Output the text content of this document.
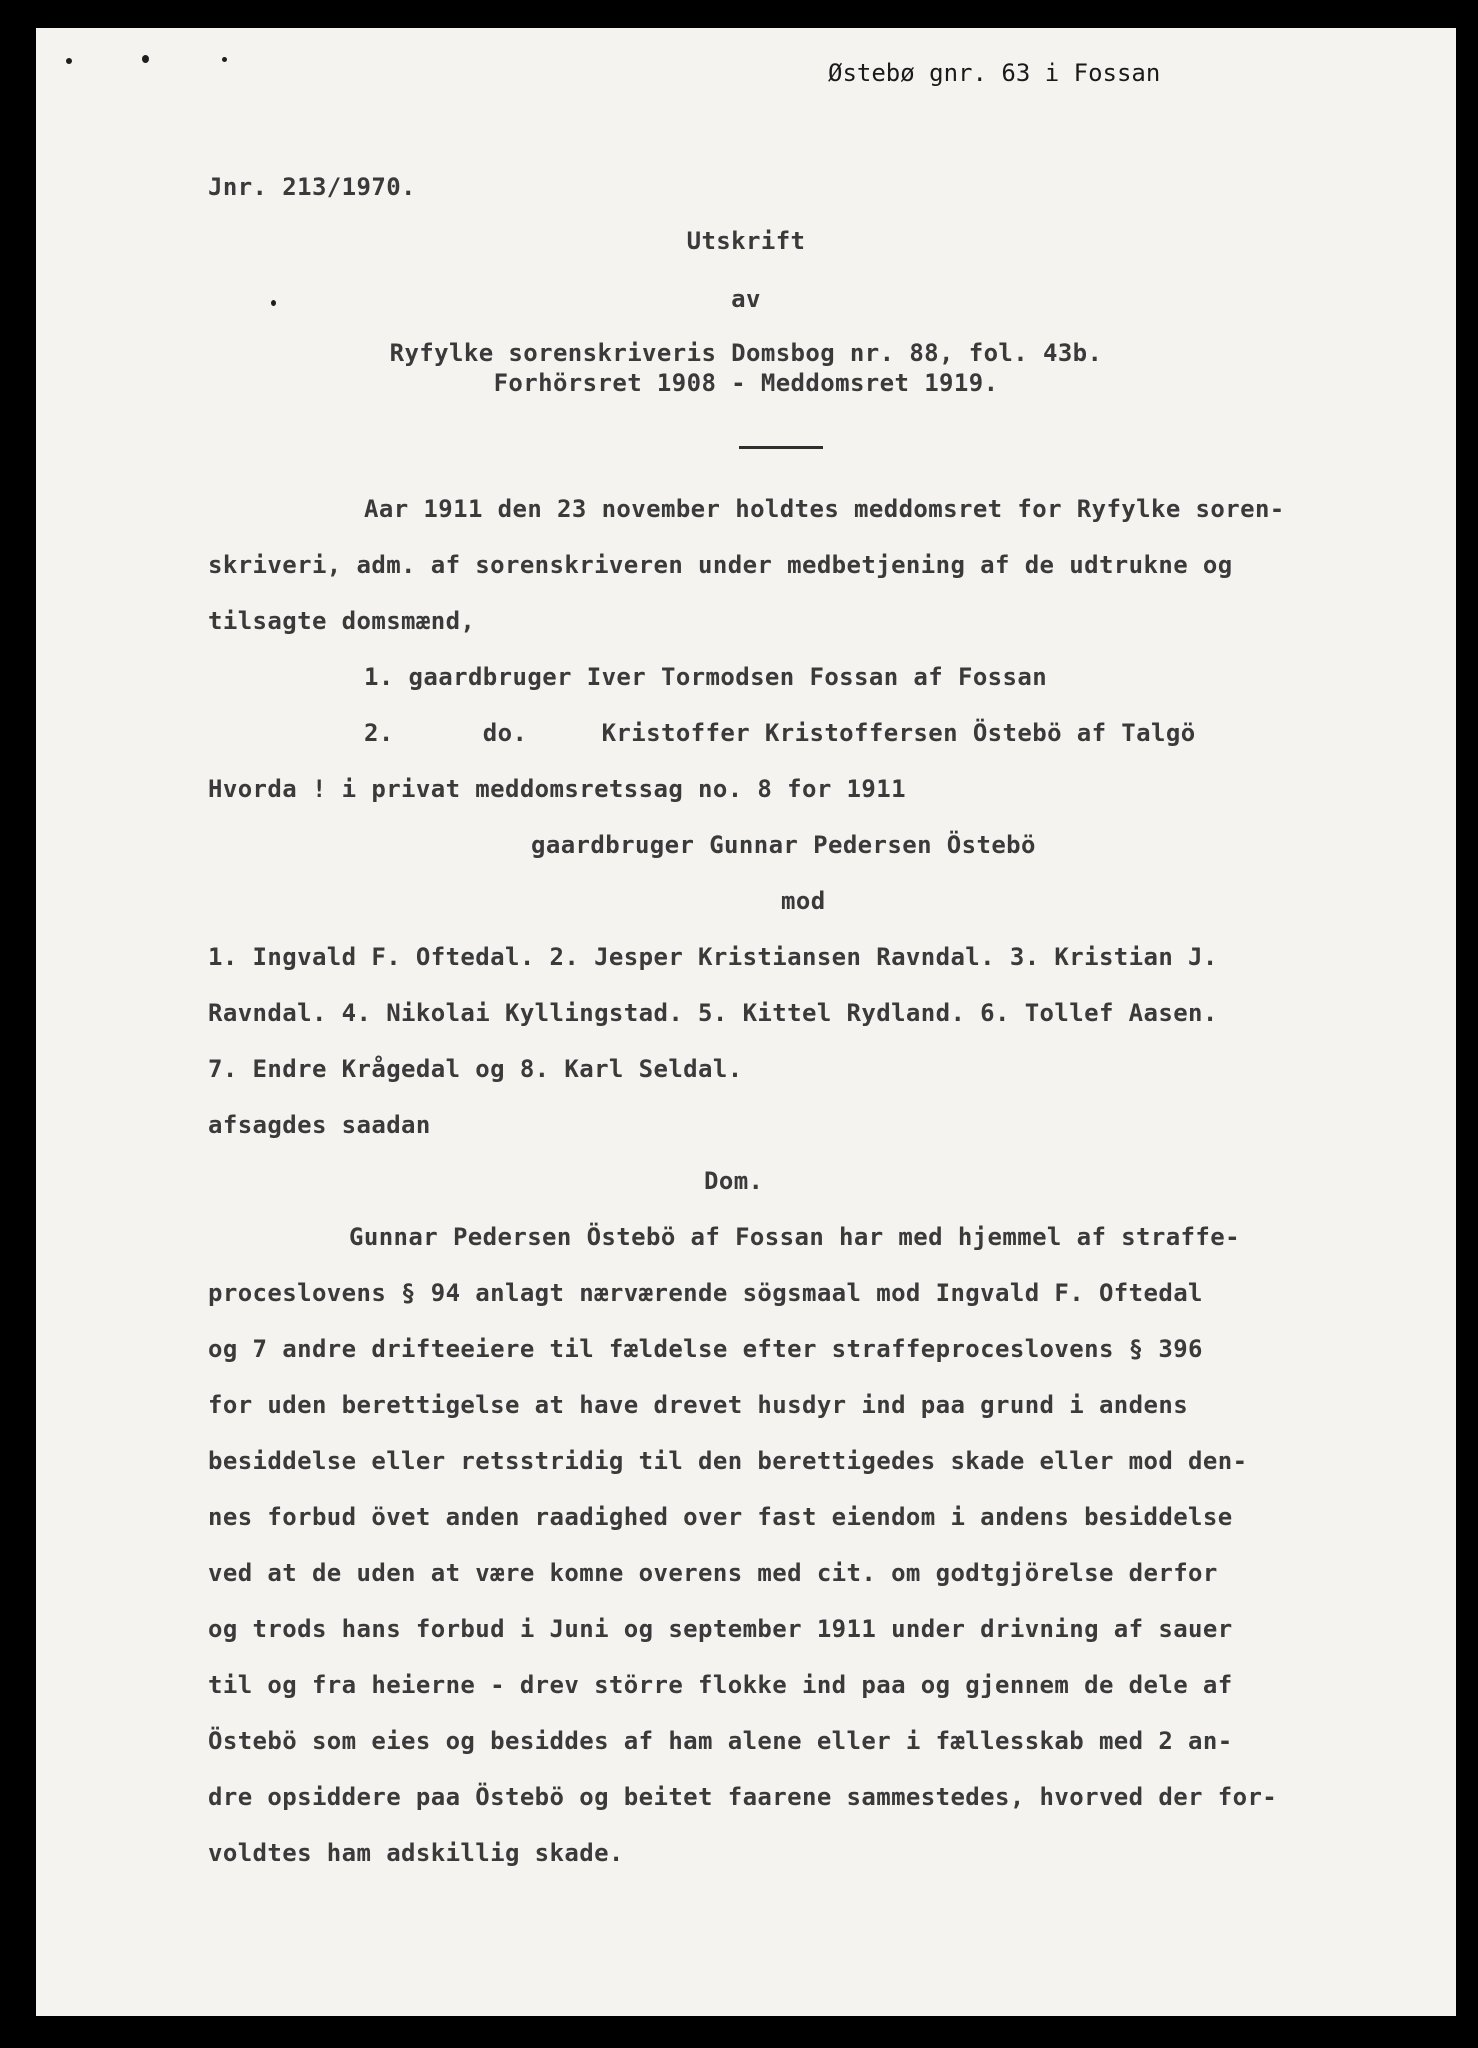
Østebø gnr. 63 i Fossan
Jnr. 213/1970.
Utskrift
av
Ryfylke sorenskriveris Domsbog nr. 88, fol. 43b.
Forhörsret 1908 - Meddomsret 1919.
Aar 1911 den 23 november holdtes meddomsret for Ryfylke soren-
skriveri, adm. af sorenskriveren under medbetjening af de udtrukne og
tilsagte domsmænd,
1. gaardbruger Iver Tormodsen Fossan af Fossan
2.      do.     Kristoffer Kristoffersen Östebö af Talgö
Hvorda ! i privat meddomsretssag no. 8 for 1911
gaardbruger Gunnar Pedersen Östebö
mod
1. Ingvald F. Oftedal. 2. Jesper Kristiansen Ravndal. 3. Kristian J.
Ravndal. 4. Nikolai Kyllingstad. 5. Kittel Rydland. 6. Tollef Aasen.
7. Endre Krågedal og 8. Karl Seldal.
afsagdes saadan
Dom.
Gunnar Pedersen Östebö af Fossan har med hjemmel af straffe-
proceslovens § 94 anlagt nærværende sögsmaal mod Ingvald F. Oftedal
og 7 andre drifteeiere til fældelse efter straffeproceslovens § 396
for uden berettigelse at have drevet husdyr ind paa grund i andens
besiddelse eller retsstridig til den berettigedes skade eller mod den-
nes forbud övet anden raadighed over fast eiendom i andens besiddelse
ved at de uden at være komne overens med cit. om godtgjörelse derfor
og trods hans forbud i Juni og september 1911 under drivning af sauer
til og fra heierne - drev större flokke ind paa og gjennem de dele af
Östebö som eies og besiddes af ham alene eller i fællesskab med 2 an-
dre opsiddere paa Östebö og beitet faarene sammestedes, hvorved der for-
voldtes ham adskillig skade.
